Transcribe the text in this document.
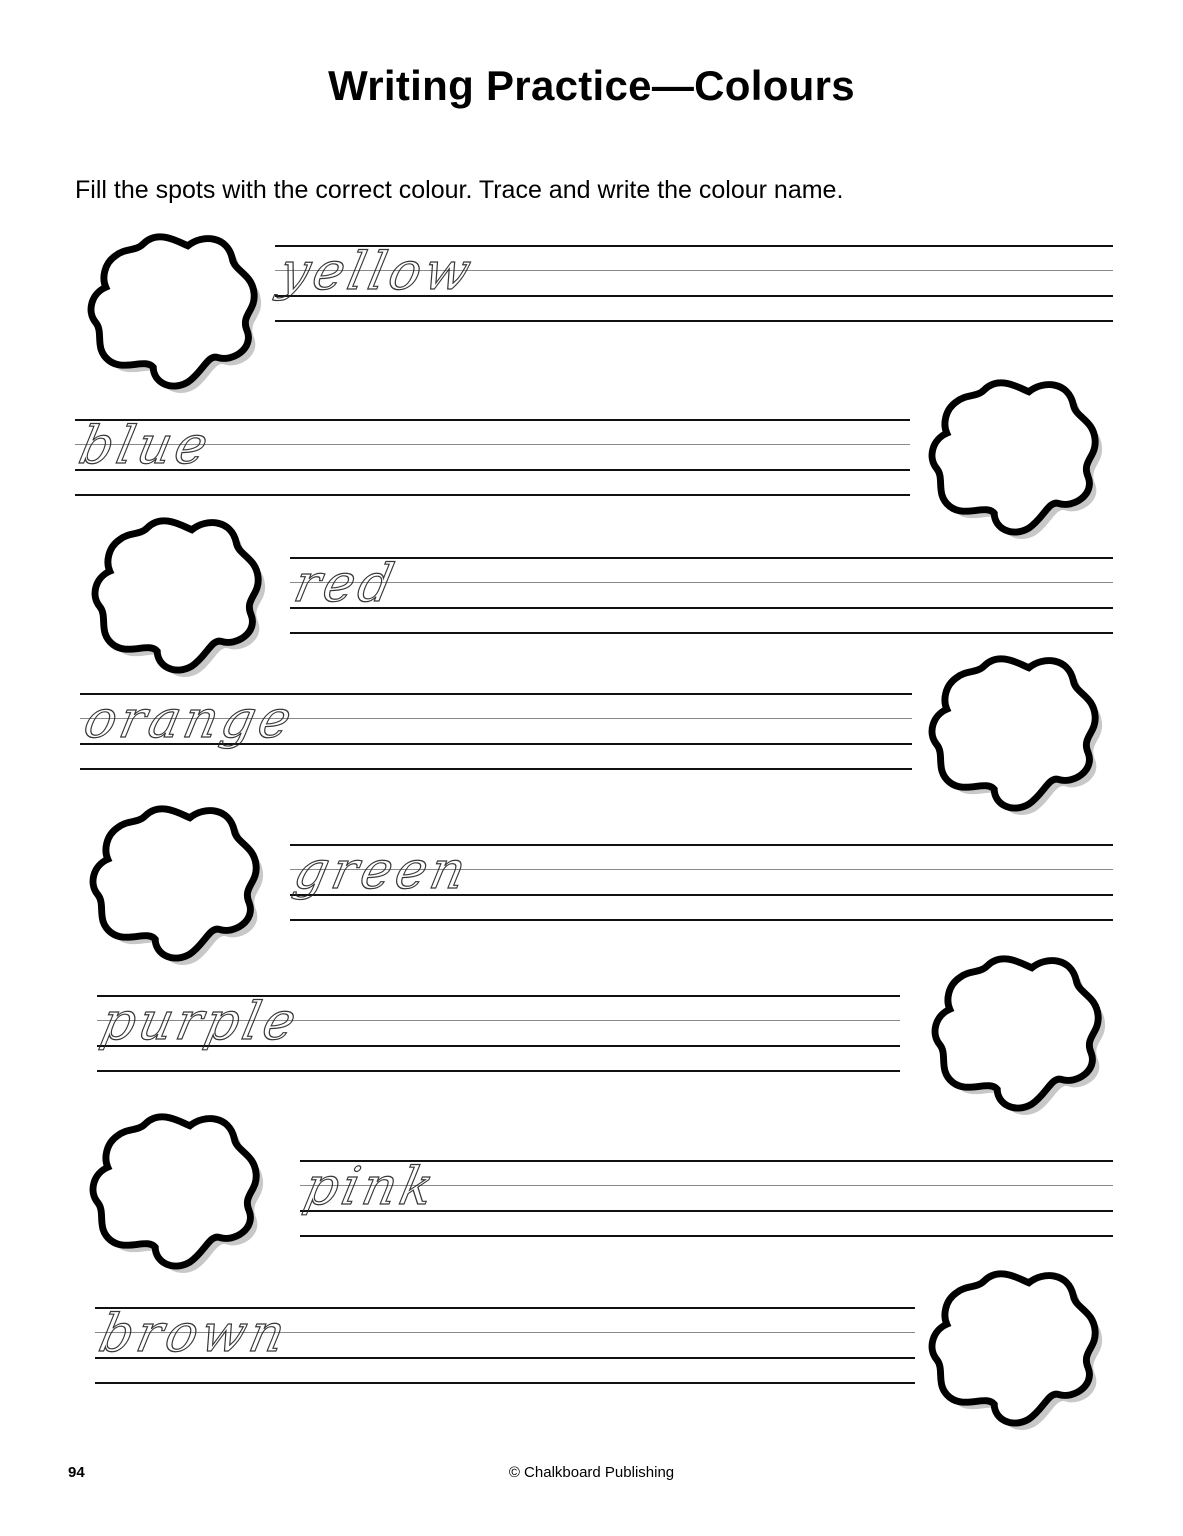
Writing Practice—Colours
Fill the spots with the correct colour. Trace and write the colour name.
yellow
blue
red
orange
green
purple
pink
brown
94	© Chalkboard Publishing
